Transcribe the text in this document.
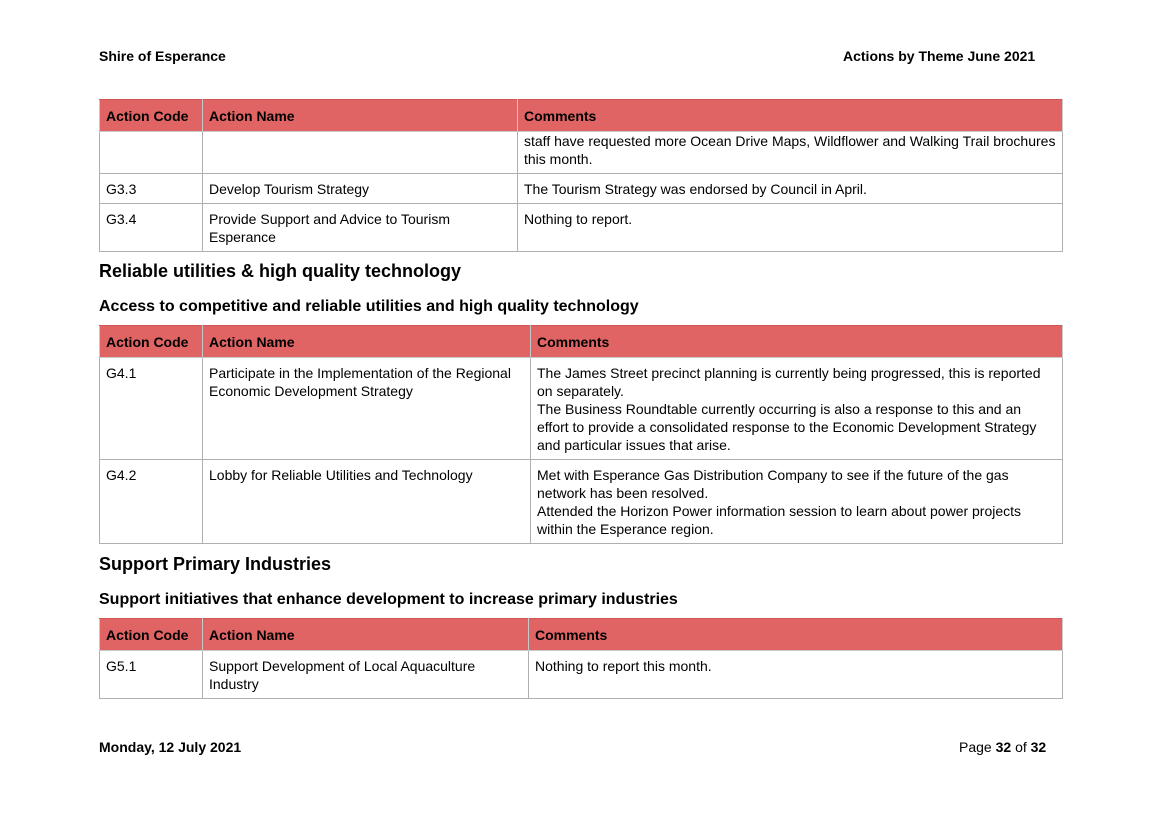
Shire of Esperance	Actions by Theme June 2021
Action Code	Action Name	Comments

		staff have requested more Ocean Drive Maps, Wildflower and Walking Trail brochures this month.

G3.3	Develop Tourism Strategy	The Tourism Strategy was endorsed by Council in April.

G3.4	Provide Support and Advice to Tourism Esperance	Nothing to report.
Reliable utilities & high quality technology
Access to competitive and reliable utilities and high quality technology
Action Code	Action Name	Comments
G4.1	Participate in the Implementation of the Regional Economic Development Strategy	The James Street precinct planning is currently being progressed, this is reported on separately.
The Business Roundtable currently occurring is also a response to this and an effort to provide a consolidated response to the Economic Development Strategy and particular issues that arise.

G4.2	Lobby for Reliable Utilities and Technology	Met with Esperance Gas Distribution Company to see if the future of the gas network has been resolved.
Attended the Horizon Power information session to learn about power projects within the Esperance region.
Support Primary Industries
Support initiatives that enhance development to increase primary industries
Action Code	Action Name	Comments
G5.1	Support Development of Local Aquaculture Industry	Nothing to report this month.
Monday, 12 July 2021	Page 32 of 32
